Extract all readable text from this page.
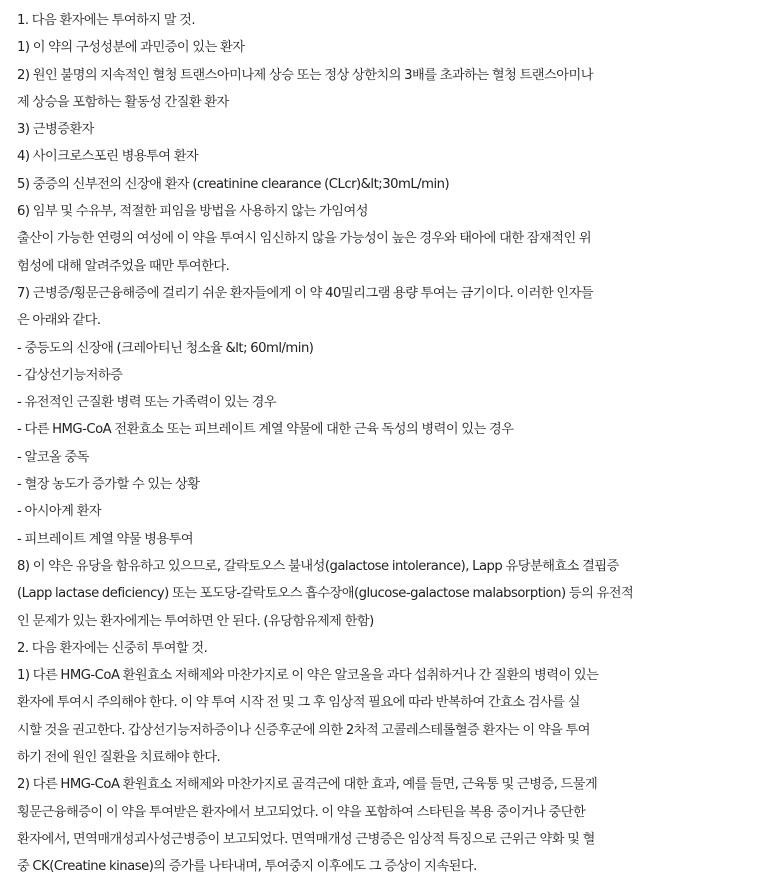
1. 다음 환자에는 투여하지 말 것.
1) 이 약의 구성성분에 과민증이 있는 환자
2) 원인 불명의 지속적인 혈청 트랜스아미나제 상승 또는 정상 상한치의 3배를 초과하는 혈청 트랜스아미나
제 상승을 포함하는 활동성 간질환 환자
3) 근병증환자
4) 사이크로스포린 병용투여 환자
5) 중증의 신부전의 신장애 환자 (creatinine clearance (CLcr)&lt;30mL/min)
6) 임부 및 수유부, 적절한 피임을 방법을 사용하지 않는 가임여성
출산이 가능한 연령의 여성에 이 약을 투여시 임신하지 않을 가능성이 높은 경우와 태아에 대한 잠재적인 위
험성에 대해 알려주었을 때만 투여한다.
7) 근병증/횡문근융해증에 걸리기 쉬운 환자들에게 이 약 40밀리그램 용량 투여는 금기이다. 이러한 인자들
은 아래와 같다.
- 중등도의 신장애 (크레아티닌 청소율 &lt; 60ml/min)
- 갑상선기능저하증
- 유전적인 근질환 병력 또는 가족력이 있는 경우
- 다른 HMG-CoA 전환효소 또는 피브레이트 계열 약물에 대한 근육 독성의 병력이 있는 경우
- 알코올 중독
- 혈장 농도가 증가할 수 있는 상황
- 아시아계 환자
- 피브레이트 계열 약물 병용투여
8) 이 약은 유당을 함유하고 있으므로, 갈락토오스 불내성(galactose intolerance), Lapp 유당분해효소 결핍증
(Lapp lactase deficiency) 또는 포도당-갈락토오스 흡수장애(glucose-galactose malabsorption) 등의 유전적
인 문제가 있는 환자에게는 투여하면 안 된다. (유당함유제제 한함)
2. 다음 환자에는 신중히 투여할 것.
1) 다른 HMG-CoA 환원효소 저해제와 마찬가지로 이 약은 알코올을 과다 섭취하거나 간 질환의 병력이 있는
환자에 투여시 주의해야 한다. 이 약 투여 시작 전 및 그 후 임상적 필요에 따라 반복하여 간효소 검사를 실
시할 것을 권고한다. 갑상선기능저하증이나 신증후군에 의한 2차적 고콜레스테롤혈증 환자는 이 약을 투여
하기 전에 원인 질환을 치료해야 한다.
2) 다른 HMG-CoA 환원효소 저해제와 마찬가지로 골격근에 대한 효과, 예를 들면, 근육통 및 근병증, 드물게
횡문근융해증이 이 약을 투여받은 환자에서 보고되었다. 이 약을 포함하여 스타틴을 복용 중이거나 중단한
환자에서, 면역매개성괴사성근병증이 보고되었다. 면역매개성 근병증은 임상적 특징으로 근위근 약화 및 혈
중 CK(Creatine kinase)의 증가를 나타내며, 투여중지 이후에도 그 증상이 지속된다.
